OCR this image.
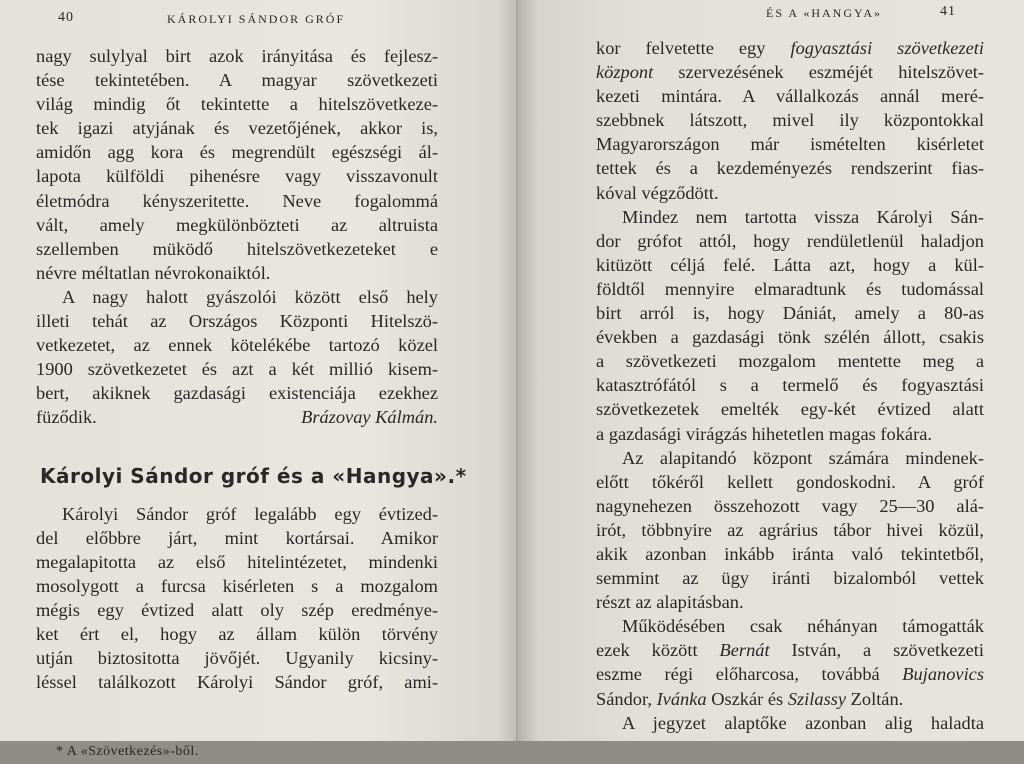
40	KÁROLYI SÁNDOR GRÓF
nagy sulylyal birt azok irányitása és fejlesz-
tése tekintetében. A magyar szövetkezeti
világ mindig őt tekintette a hitelszövetkeze-
tek igazi atyjának és vezetőjének, akkor is,
amidőn agg kora és megrendült egészségi ál-
lapota külföldi pihenésre vagy visszavonult
életmódra kényszeritette. Neve fogalommá
vált, amely megkülönbözteti az altruista
szellemben müködő hitelszövetkezeteket e
névre méltatlan névrokonaiktól.
A nagy halott gyászolói között első hely
illeti tehát az Országos Központi Hitelszö-
vetkezetet, az ennek kötelékébe tartozó közel
1900 szövetkezetet és azt a két millió kisem-
bert, akiknek gazdasági existenciája ezekhez
füződik.	Brázovay Kálmán.
Károlyi Sándor gróf és a «Hangya».*
Károlyi Sándor gróf legalább egy évtized-
del előbbre járt, mint kortársai. Amikor
megalapitotta az első hitelintézetet, mindenki
mosolygott a furcsa kisérleten s a mozgalom
mégis egy évtized alatt oly szép eredménye-
ket ért el, hogy az állam külön törvény
utján biztositotta jövőjét. Ugyanily kicsiny-
léssel találkozott Károlyi Sándor gróf, ami-
* A «Szövetkezés»-ből.
ÉS A «HANGYA»	41
kor felvetette egy fogyasztási szövetkezeti
központ szervezésének eszméjét hitelszövet-
kezeti mintára. A vállalkozás annál meré-
szebbnek látszott, mivel ily központokkal
Magyarországon már ismételten kisérletet
tettek és a kezdeményezés rendszerint fias-
kóval végződött.
Mindez nem tartotta vissza Károlyi Sán-
dor grófot attól, hogy rendületlenül haladjon
kitüzött céljá felé. Látta azt, hogy a kül-
földtől mennyire elmaradtunk és tudomással
birt arról is, hogy Dániát, amely a 80-as
években a gazdasági tönk szélén állott, csakis
a szövetkezeti mozgalom mentette meg a
katasztrófától s a termelő és fogyasztási
szövetkezetek emelték egy-két évtized alatt
a gazdasági virágzás hihetetlen magas fokára.
Az alapitandó központ számára mindenek-
előtt tőkéről kellett gondoskodni. A gróf
nagynehezen összehozott vagy 25—30 alá-
irót, többnyire az agrárius tábor hivei közül,
akik azonban inkább iránta való tekintetből,
semmint az ügy iránti bizalomból vettek
részt az alapitásban.
Működésében csak néhányan támogatták
ezek között Bernát István, a szövetkezeti
eszme régi előharcosa, továbbá Bujanovics
Sándor, Ivánka Oszkár és Szilassy Zoltán.
A jegyzet alaptőke azonban alig haladta
